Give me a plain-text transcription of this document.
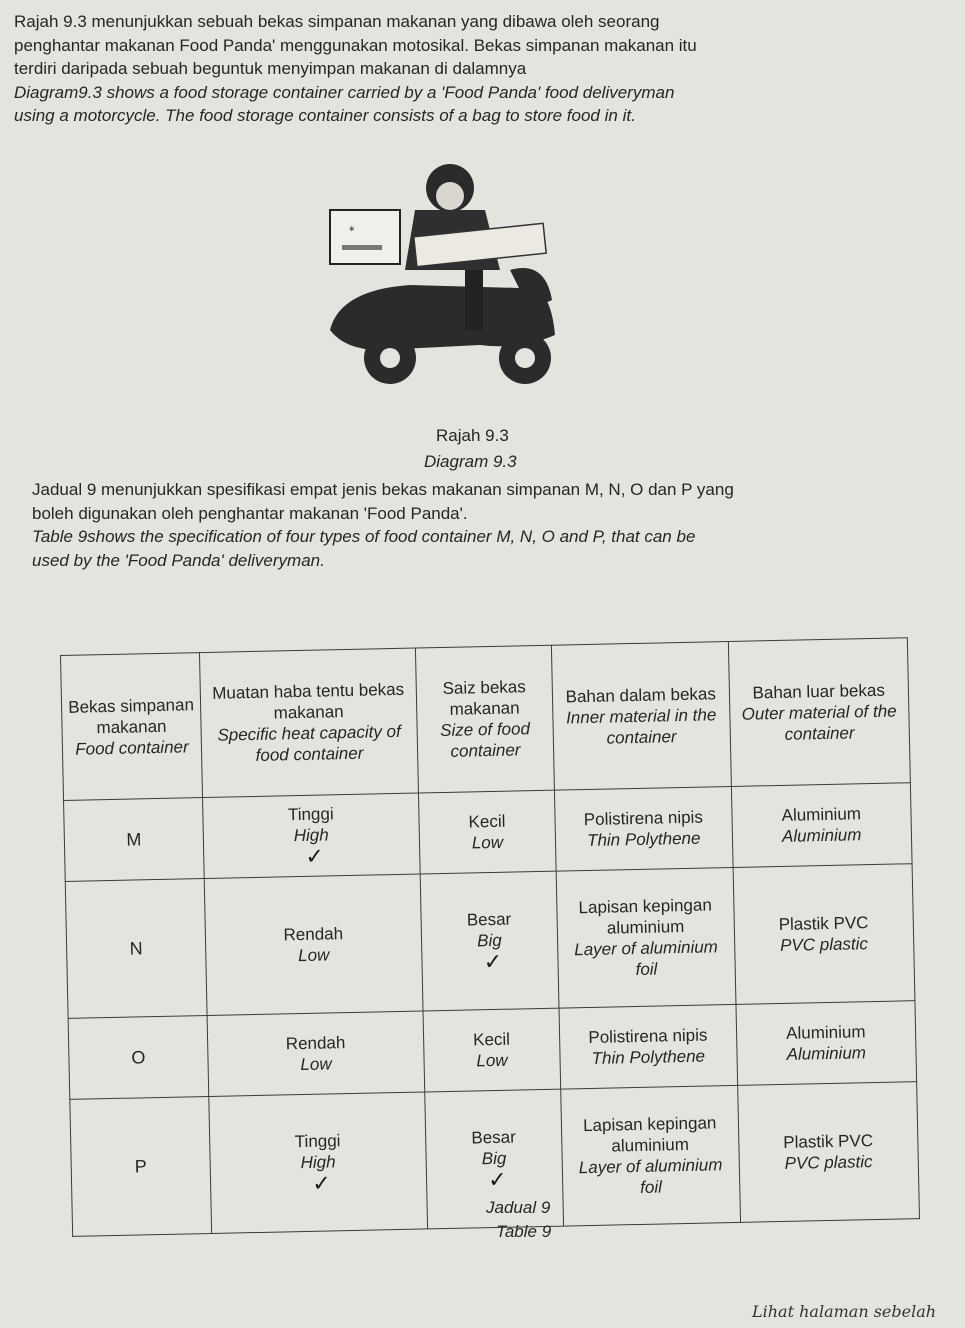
Rajah 9.3 menunjukkan sebuah bekas simpanan makanan yang dibawa oleh seorang

penghantar makanan Food Panda' menggunakan motosikal. Bekas simpanan makanan itu

terdiri daripada sebuah beguntuk menyimpan makanan di dalamnya

Diagram9.3 shows a food storage container carried by a 'Food Panda' food deliveryman

using a motorcycle. The food storage container consists of a bag to store food in it.

✶
Rajah 9.3
Diagram 9.3

Jadual 9 menunjukkan spesifikasi empat jenis bekas makanan simpanan M, N, O dan P yang

boleh digunakan oleh penghantar makanan 'Food Panda'.

Table 9shows the specification of four types of food container M, N, O and P, that can be

used by the 'Food Panda' deliveryman.

Bekas simpanan makanan
Food container	Muatan haba tentu bekas makanan
Specific heat capacity of food container	Saiz bekas makanan
Size of food container	Bahan dalam bekas
Inner material in the container	Bahan luar bekas
Outer material of the container

M	Tinggi
High
✓	Kecil
Low	Polistirena nipis
Thin Polythene	Aluminium
Aluminium

N	Rendah
Low	Besar
Big
✓	Lapisan kepingan aluminium
Layer of aluminium foil	Plastik PVC
PVC plastic

O	Rendah
Low	Kecil
Low	Polistirena nipis
Thin Polythene	Aluminium
Aluminium

P	Tinggi
High
✓	Besar
Big
✓	Lapisan kepingan aluminium
Layer of aluminium foil	Plastik PVC
PVC plastic
Jadual 9
Table 9
Lihat halaman sebelah
